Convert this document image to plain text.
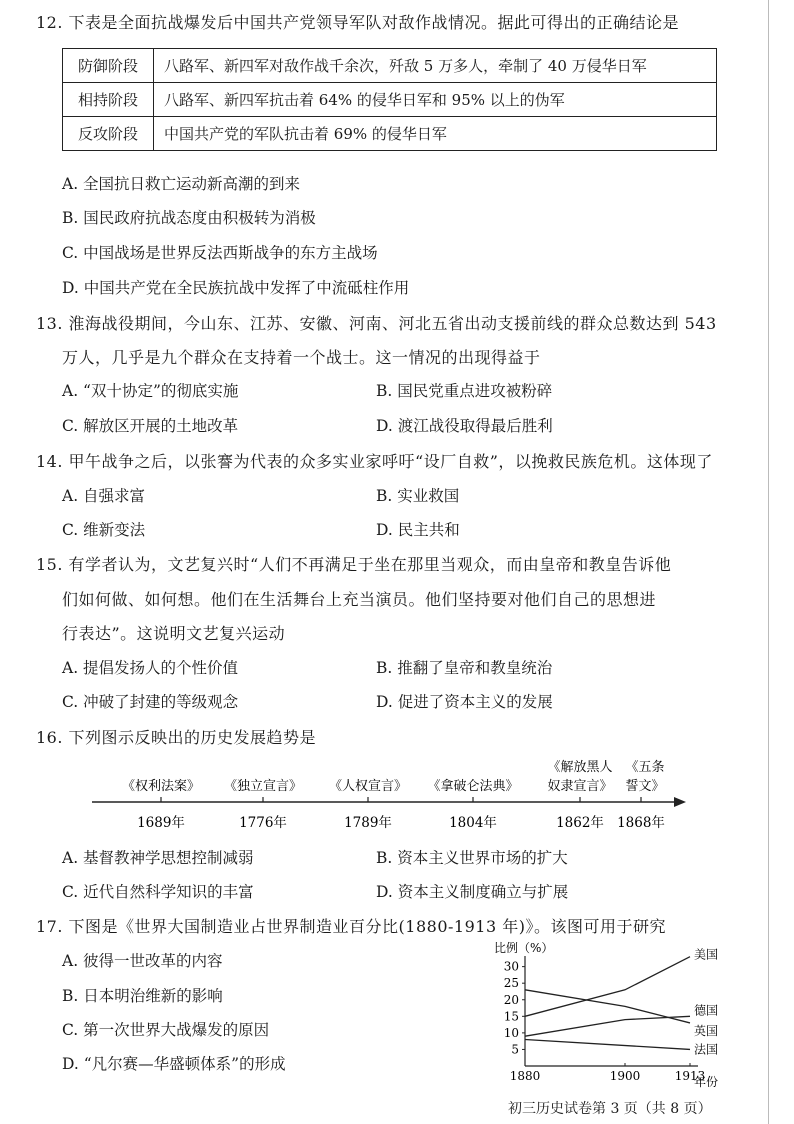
12. 下表是全面抗战爆发后中国共产党领导军队对敌作战情况。据此可得出的正确结论是
防御阶段	八路军、新四军对敌作战千余次，歼敌 5 万多人，牵制了 40 万侵华日军
相持阶段	八路军、新四军抗击着 64% 的侵华日军和 95% 以上的伪军
反攻阶段	中国共产党的军队抗击着 69% 的侵华日军
A. 全国抗日救亡运动新高潮的到来
B. 国民政府抗战态度由积极转为消极
C. 中国战场是世界反法西斯战争的东方主战场
D. 中国共产党在全民族抗战中发挥了中流砥柱作用
13. 淮海战役期间，今山东、江苏、安徽、河南、河北五省出动支援前线的群众总数达到 543
万人，几乎是九个群众在支持着一个战士。这一情况的出现得益于
A. “双十协定”的彻底实施	B. 国民党重点进攻被粉碎
C. 解放区开展的土地改革	D. 渡江战役取得最后胜利
14. 甲午战争之后，以张謇为代表的众多实业家呼吁“设厂自救”，以挽救民族危机。这体现了
A. 自强求富	B. 实业救国
C. 维新变法	D. 民主共和
15. 有学者认为，文艺复兴时“人们不再满足于坐在那里当观众，而由皇帝和教皇告诉他
们如何做、如何想。他们在生活舞台上充当演员。他们坚持要对他们自己的思想进
行表达”。这说明文艺复兴运动
A. 提倡发扬人的个性价值	B. 推翻了皇帝和教皇统治
C. 冲破了封建的等级观念	D. 促进了资本主义的发展
16. 下列图示反映出的历史发展趋势是
《权利法案》 《独立宣言》 《人权宣言》 《拿破仑法典》
《解放黑人
奴隶宣言》
《五条
誓文》
1689年	1776年	1789年	1804年	1862年 1868年
A. 基督教神学思想控制减弱	B. 资本主义世界市场的扩大
C. 近代自然科学知识的丰富	D. 资本主义制度确立与扩展
17. 下图是《世界大国制造业占世界制造业百分比(1880-1913 年)》。该图可用于研究
A. 彼得一世改革的内容
B. 日本明治维新的影响
C. 第一次世界大战爆发的原因
D. “凡尔赛—华盛顿体系”的形成
比例（%）
年份
5
10
15
20
25
30
1880	1900	1913
美国
英国
德国
法国
初三历史试卷第 3 页（共 8 页）
